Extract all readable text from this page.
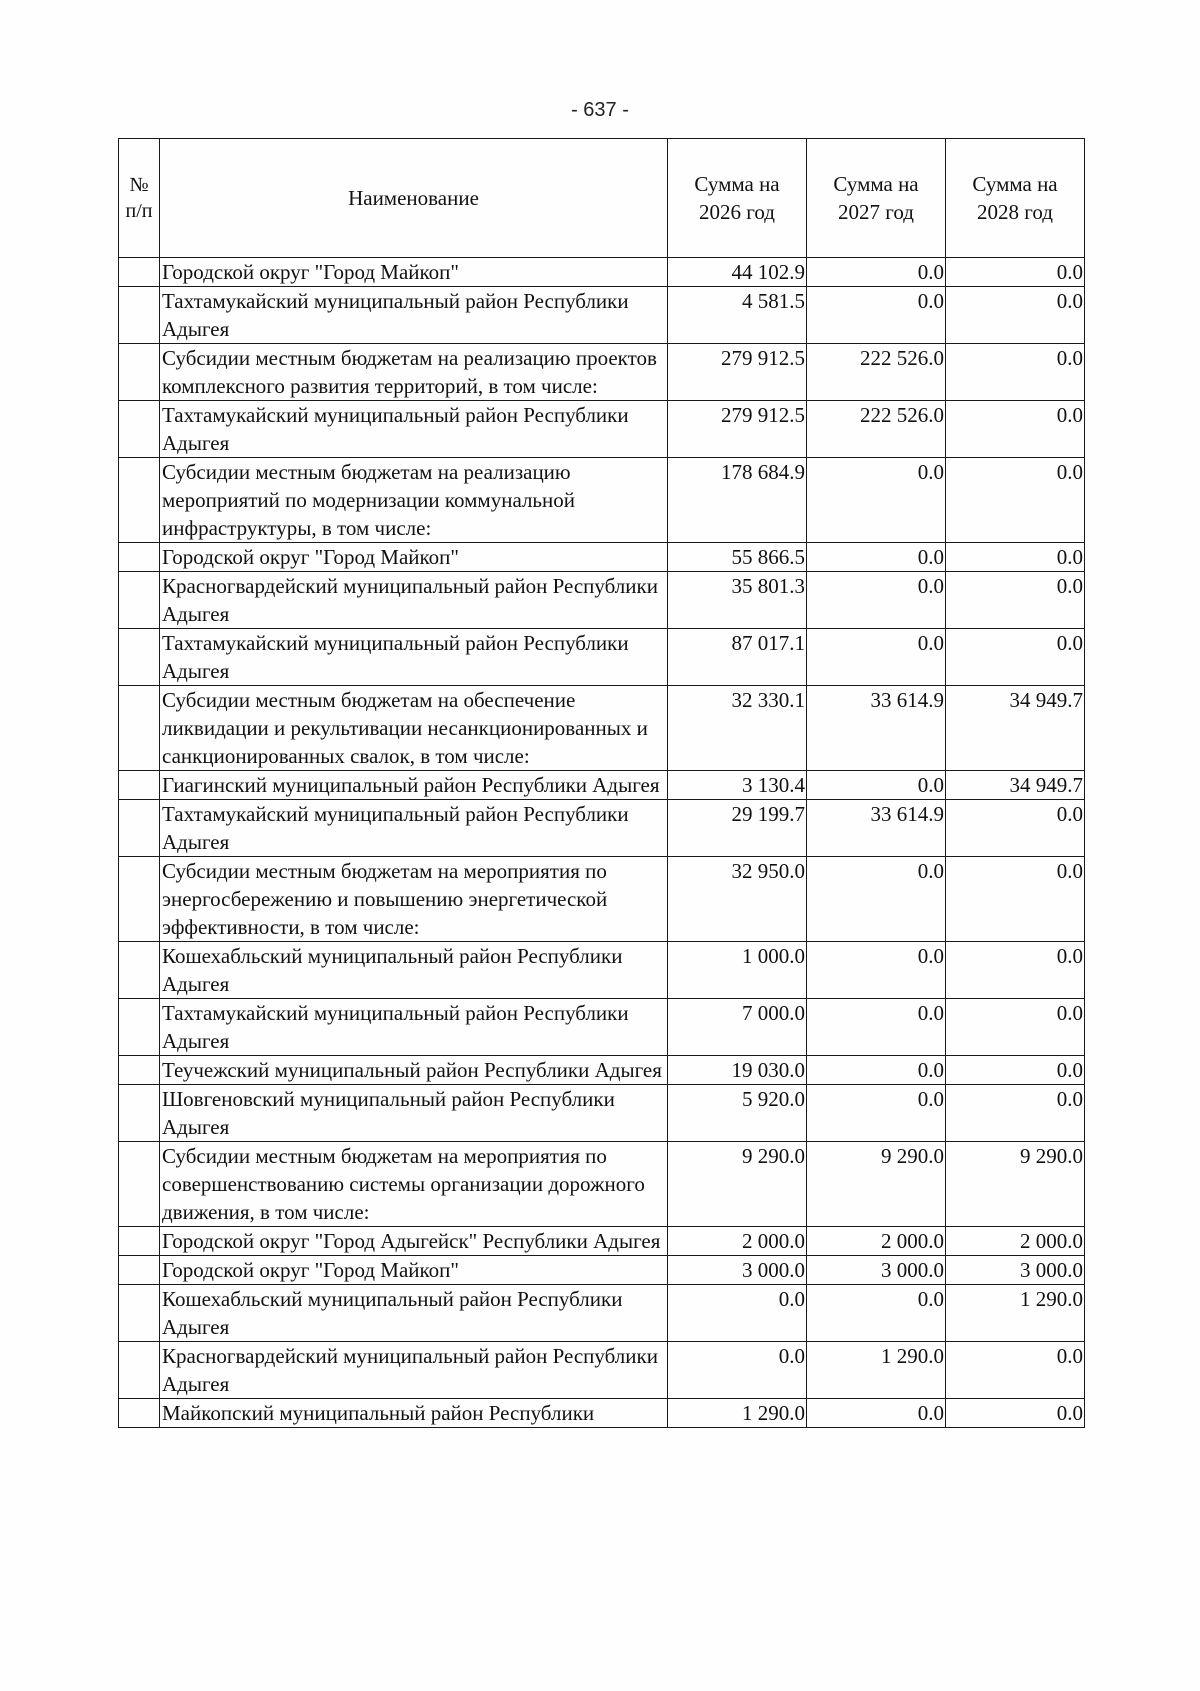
- 637 -
№ п/п	Наименование	Сумма на 2026 год	Сумма на 2027 год	Сумма на 2028 год
	Городской округ "Город Майкоп"	44 102.9	0.0	0.0
	Тахтамукайский муниципальный район Республики Адыгея	4 581.5	0.0	0.0
	Субсидии местным бюджетам на реализацию проектов комплексного развития территорий, в том числе:	279 912.5	222 526.0	0.0
	Тахтамукайский муниципальный район Республики Адыгея	279 912.5	222 526.0	0.0
	Субсидии местным бюджетам на реализацию мероприятий по модернизации коммунальной инфраструктуры, в том числе:	178 684.9	0.0	0.0
	Городской округ "Город Майкоп"	55 866.5	0.0	0.0
	Красногвардейский муниципальный район Республики Адыгея	35 801.3	0.0	0.0
	Тахтамукайский муниципальный район Республики Адыгея	87 017.1	0.0	0.0
	Субсидии местным бюджетам на обеспечение ликвидации и рекультивации несанкционированных и санкционированных свалок, в том числе:	32 330.1	33 614.9	34 949.7
	Гиагинский муниципальный район Республики Адыгея	3 130.4	0.0	34 949.7
	Тахтамукайский муниципальный район Республики Адыгея	29 199.7	33 614.9	0.0
	Субсидии местным бюджетам на мероприятия по энергосбережению и повышению энергетической эффективности, в том числе:	32 950.0	0.0	0.0
	Кошехабльский муниципальный район Республики Адыгея	1 000.0	0.0	0.0
	Тахтамукайский муниципальный район Республики Адыгея	7 000.0	0.0	0.0
	Теучежский муниципальный район Республики Адыгея	19 030.0	0.0	0.0
	Шовгеновский муниципальный район Республики Адыгея	5 920.0	0.0	0.0
	Субсидии местным бюджетам на мероприятия по совершенствованию системы организации дорожного движения, в том числе:	9 290.0	9 290.0	9 290.0
	Городской округ "Город Адыгейск" Республики Адыгея	2 000.0	2 000.0	2 000.0
	Городской округ "Город Майкоп"	3 000.0	3 000.0	3 000.0
	Кошехабльский муниципальный район Республики Адыгея	0.0	0.0	1 290.0
	Красногвардейский муниципальный район Республики Адыгея	0.0	1 290.0	0.0
	Майкопский муниципальный район Республики	1 290.0	0.0	0.0
